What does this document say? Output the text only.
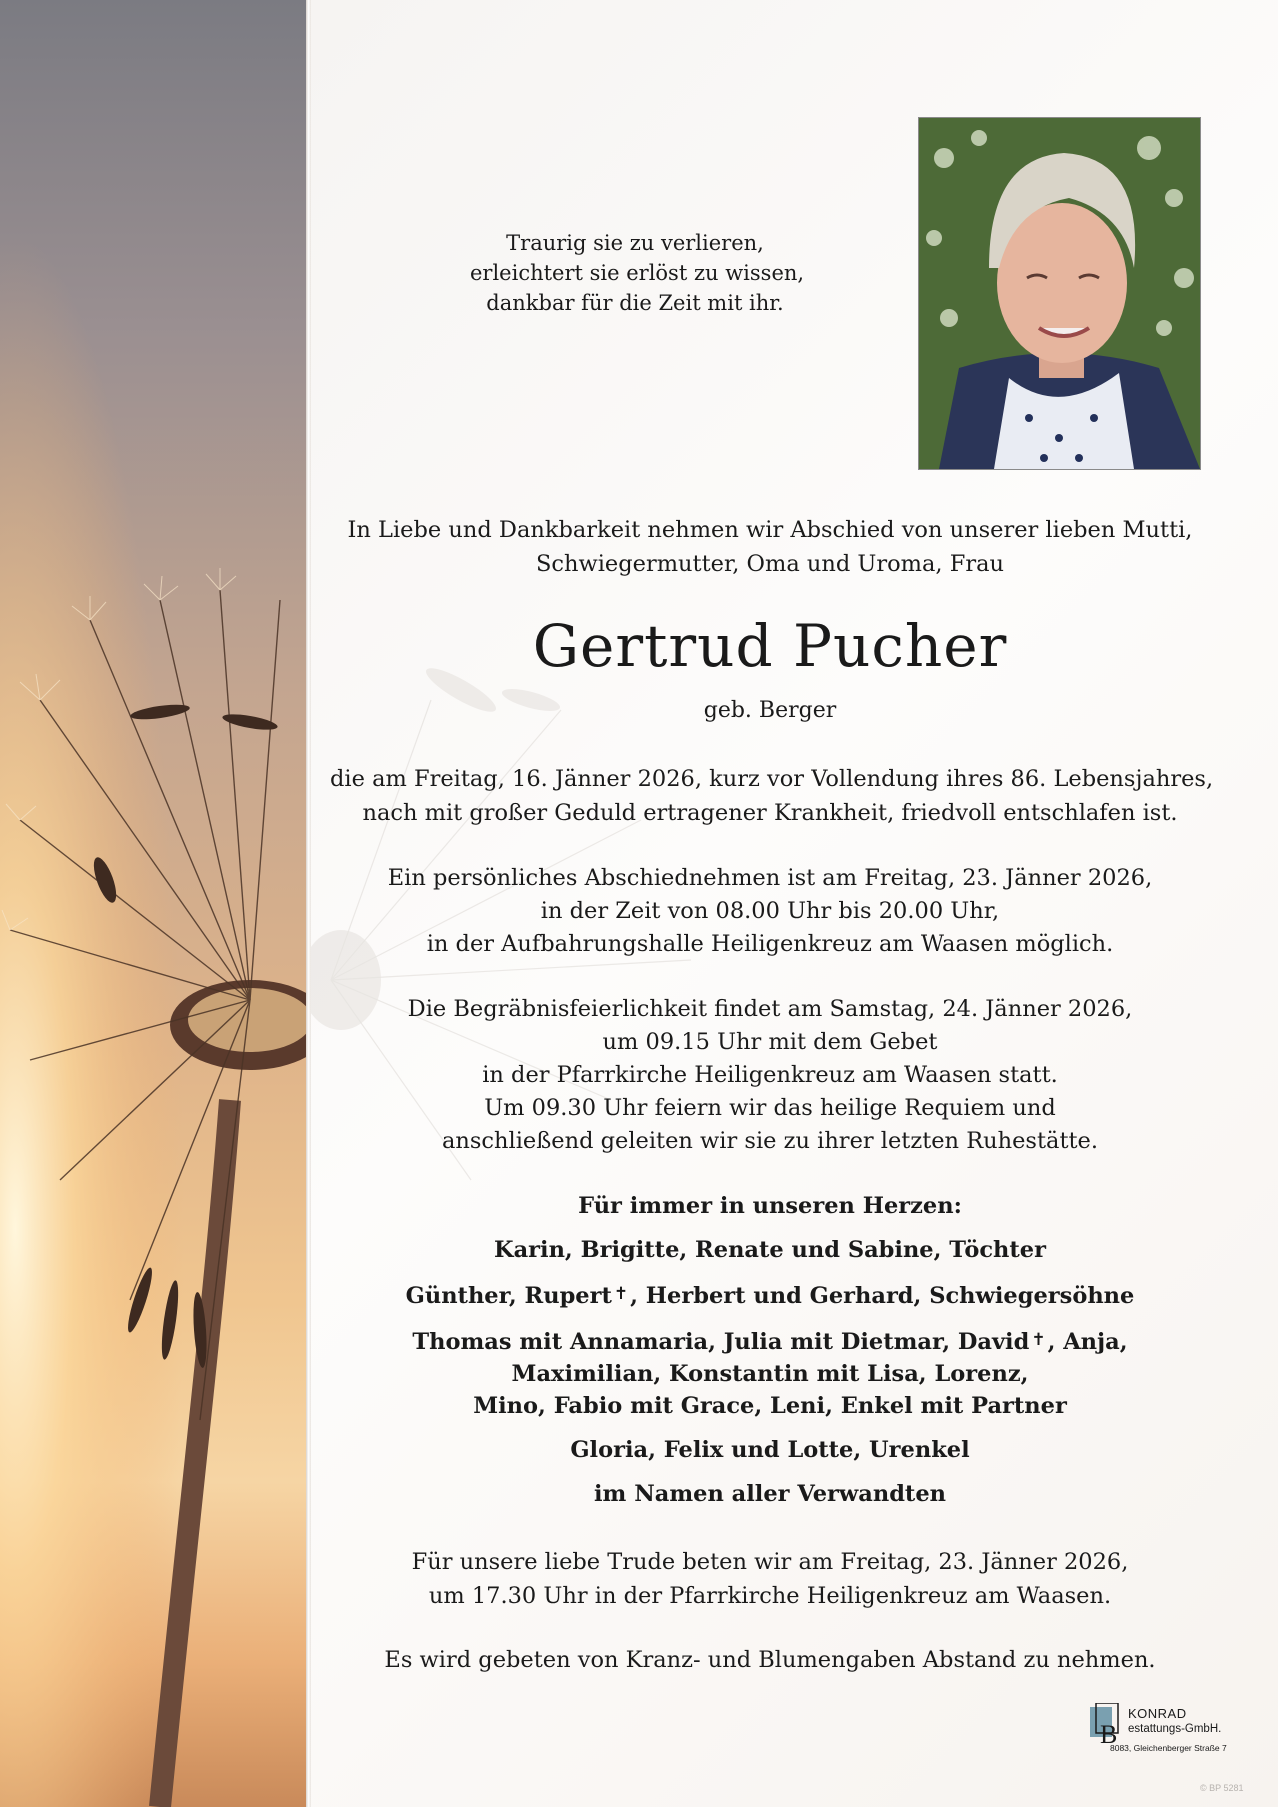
Traurig sie zu verlieren,
erleichtert sie erlöst zu wissen,
dankbar für die Zeit mit ihr.
In Liebe und Dankbarkeit nehmen wir Abschied von unserer lieben Mutti,
Schwiegermutter, Oma und Uroma, Frau
Gertrud Pucher
geb. Berger
die am Freitag, 16. Jänner 2026, kurz vor Vollendung ihres 86. Lebensjahres,
nach mit großer Geduld ertragener Krankheit, friedvoll entschlafen ist.
Ein persönliches Abschiednehmen ist am Freitag, 23. Jänner 2026,
in der Zeit von 08.00 Uhr bis 20.00 Uhr,
in der Aufbahrungshalle Heiligenkreuz am Waasen möglich.
Die Begräbnisfeierlichkeit findet am Samstag, 24. Jänner 2026,
um 09.15 Uhr mit dem Gebet
in der Pfarrkirche Heiligenkreuz am Waasen statt.
Um 09.30 Uhr feiern wir das heilige Requiem und
anschließend geleiten wir sie zu ihrer letzten Ruhestätte.
Für immer in unseren Herzen:
Karin, Brigitte, Renate und Sabine, Töchter
Günther, Rupert ✝, Herbert und Gerhard, Schwiegersöhne
Thomas mit Annamaria, Julia mit Dietmar, David ✝, Anja,
Maximilian, Konstantin mit Lisa, Lorenz,
Mino, Fabio mit Grace, Leni, Enkel mit Partner
Gloria, Felix und Lotte, Urenkel
im Namen aller Verwandten
Für unsere liebe Trude beten wir am Freitag, 23. Jänner 2026,
um 17.30 Uhr in der Pfarrkirche Heiligenkreuz am Waasen.
Es wird gebeten von Kranz- und Blumengaben Abstand zu nehmen.
B
KONRAD
estattungs-GmbH.
8083, Gleichenberger Straße 7
© BP 5281
